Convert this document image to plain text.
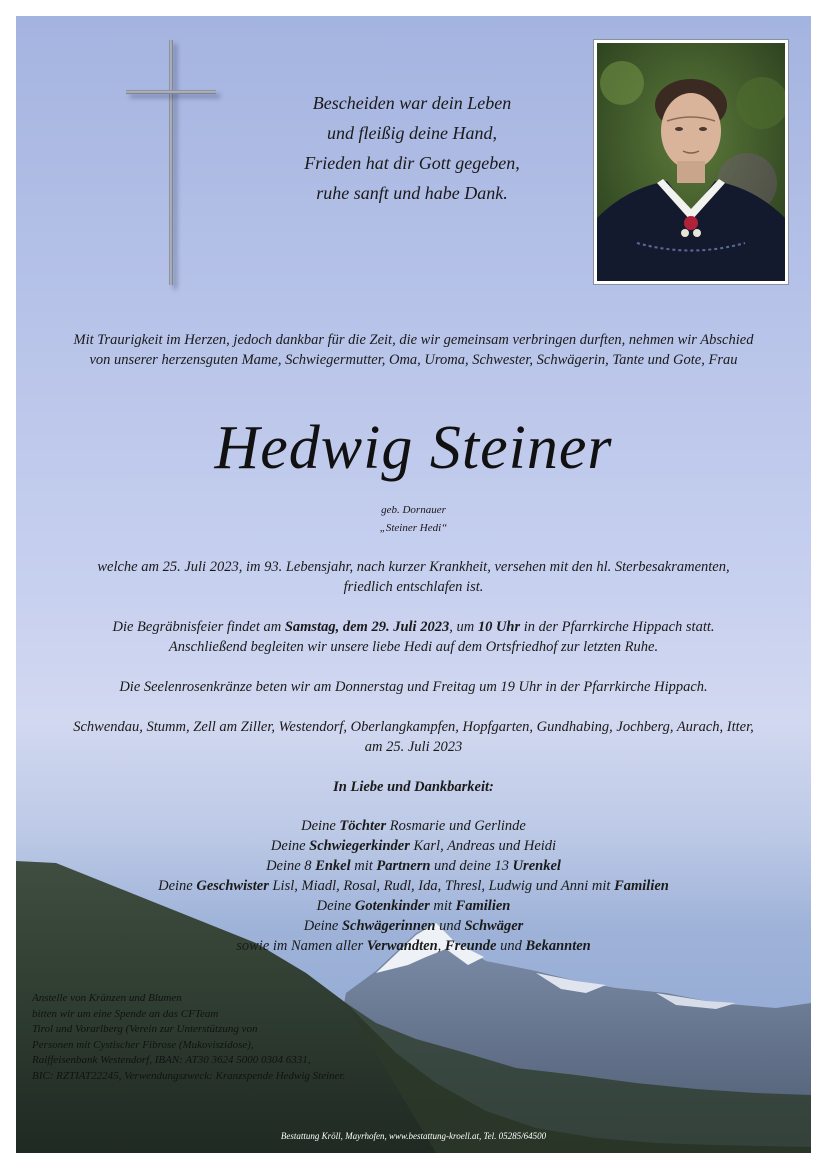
Bescheiden war dein Leben
und fleißig deine Hand,
Frieden hat dir Gott gegeben,
ruhe sanft und habe Dank.
Mit Traurigkeit im Herzen, jedoch dankbar für die Zeit, die wir gemeinsam verbringen durften, nehmen wir Abschied
von unserer herzensguten Mame, Schwiegermutter, Oma, Uroma, Schwester, Schwägerin, Tante und Gote, Frau
Hedwig Steiner
geb. Dornauer
„Steiner Hedi“
welche am 25. Juli 2023, im 93. Lebensjahr, nach kurzer Krankheit, versehen mit den hl. Sterbesakramenten,
friedlich entschlafen ist.
Die Begräbnisfeier findet am Samstag, dem 29. Juli 2023, um 10 Uhr in der Pfarrkirche Hippach statt.
Anschließend begleiten wir unsere liebe Hedi auf dem Ortsfriedhof zur letzten Ruhe.
Die Seelenrosenkränze beten wir am Donnerstag und Freitag um 19 Uhr in der Pfarrkirche Hippach.
Schwendau, Stumm, Zell am Ziller, Westendorf, Oberlangkampfen, Hopfgarten, Gundhabing, Jochberg, Aurach, Itter,
am 25. Juli 2023
In Liebe und Dankbarkeit:
Deine Töchter Rosmarie und Gerlinde
Deine Schwiegerkinder Karl, Andreas und Heidi
Deine 8 Enkel mit Partnern und deine 13 Urenkel
Deine Geschwister Lisl, Miadl, Rosal, Rudl, Ida, Thresl, Ludwig und Anni mit Familien
Deine Gotenkinder mit Familien
Deine Schwägerinnen und Schwäger
sowie im Namen aller Verwandten, Freunde und Bekannten
Anstelle von Kränzen und Blumen
bitten wir um eine Spende an das CFTeam
Tirol und Vorarlberg (Verein zur Unterstützung von
Personen mit Cystischer Fibrose (Mukoviszidose),
Raiffeisenbank Westendorf, IBAN: AT30 3624 5000 0304 6331,
BIC: RZTIAT22245, Verwendungszweck: Kranzspende Hedwig Steiner.
Bestattung Kröll, Mayrhofen, www.bestattung-kroell.at, Tel. 05285/64500
